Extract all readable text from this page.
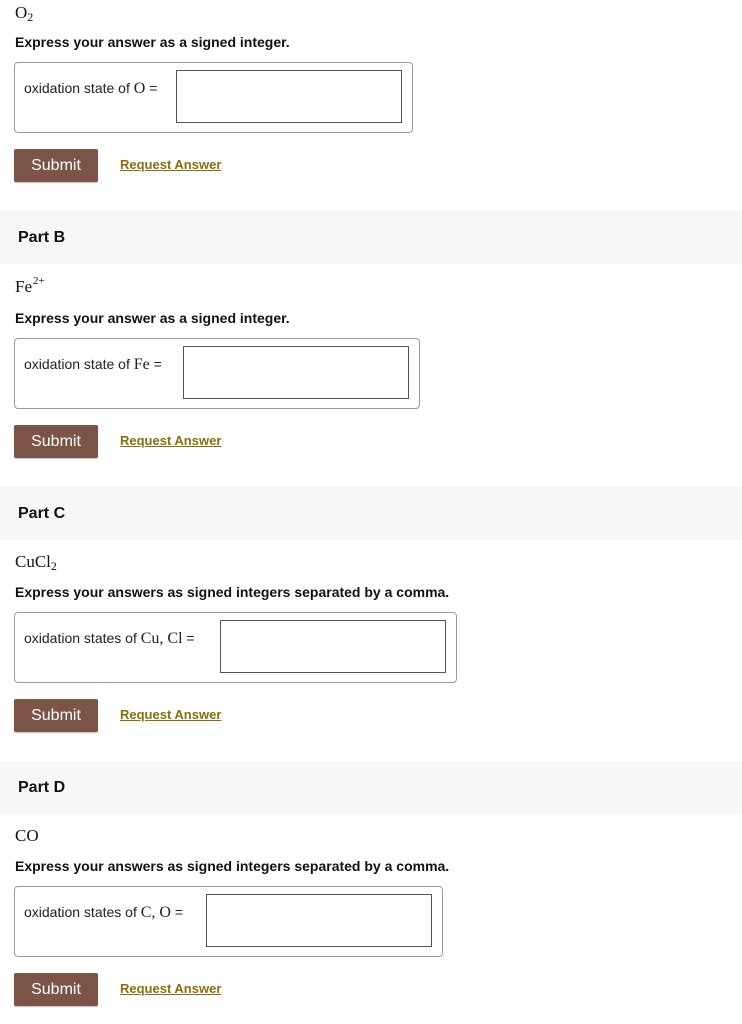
$O_2$
Express your answer as a signed integer.
oxidation state of O =
Submit	Request Answer
Part B
$Fe^{2+}$
Express your answer as a signed integer.
oxidation state of Fe =
Submit	Request Answer
Part C
CuCl$_2$
Express your answers as signed integers separated by a comma.
oxidation states of Cu, Cl =
Submit	Request Answer
Part D
CO
Express your answers as signed integers separated by a comma.
oxidation states of C, O =
Submit	Request Answer
